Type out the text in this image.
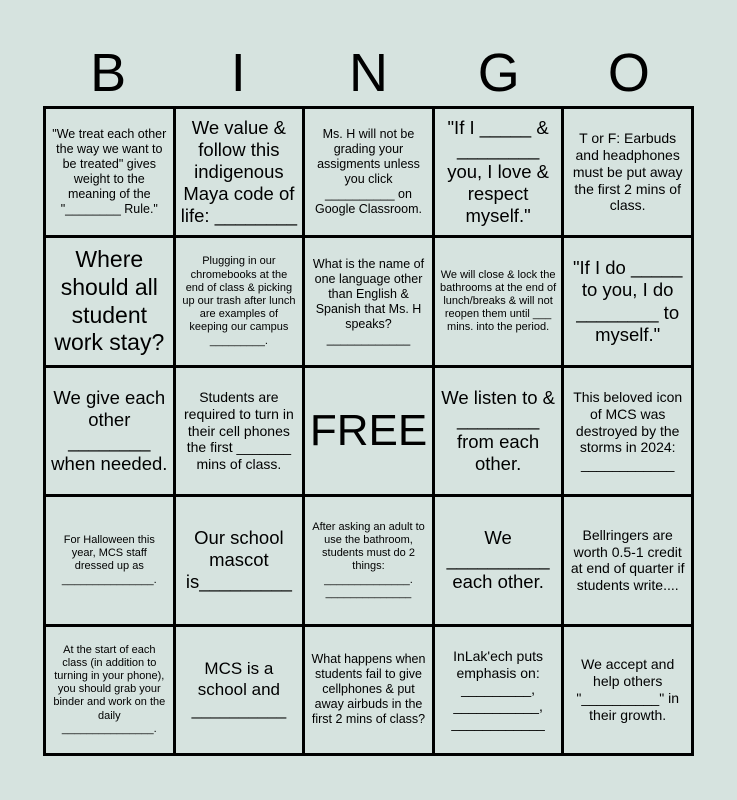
B	I	N	G	O
"We treat each other the way we want to be treated" gives weight to the meaning of the "________ Rule."
We value & follow this indigenous Maya code of life: ________
Ms. H will not be grading your assigments unless you click __________ on Google Classroom.
"If I _____ & ________ you, I love & respect myself."
T or F: Earbuds and headphones must be put away the first 2 mins of class.
Where should all student work stay?
Plugging in our chromebooks at the end of class & picking up our trash after lunch are examples of keeping our campus _________.
What is the name of one language other than English & Spanish that Ms. H speaks? ____________
We will close & lock the bathrooms at the end of lunch/breaks & will not reopen them until ___ mins. into the period.
"If I do _____ to you, I do ________ to myself."
We give each other ________ when needed.
Students are required to turn in their cell phones the first _______ mins of class.
FREE
We listen to & ________ from each other.
This beloved icon of MCS was destroyed by the storms in 2024: ____________
For Halloween this year, MCS staff dressed up as _______________.
Our school mascot is_________
After asking an adult to use the bathroom, students must do 2 things: ______________. ______________
We __________ each other.
Bellringers are worth 0.5-1 credit at end of quarter if students write....
At the start of each class (in addition to turning in your phone), you should grab your binder and work on the daily _______________.
MCS is a school and __________
What happens when students fail to give cellphones & put away airbuds in the first 2 mins of class?
InLak'ech puts emphasis on: _________, ___________, ____________
We accept and help others "__________" in their growth.
